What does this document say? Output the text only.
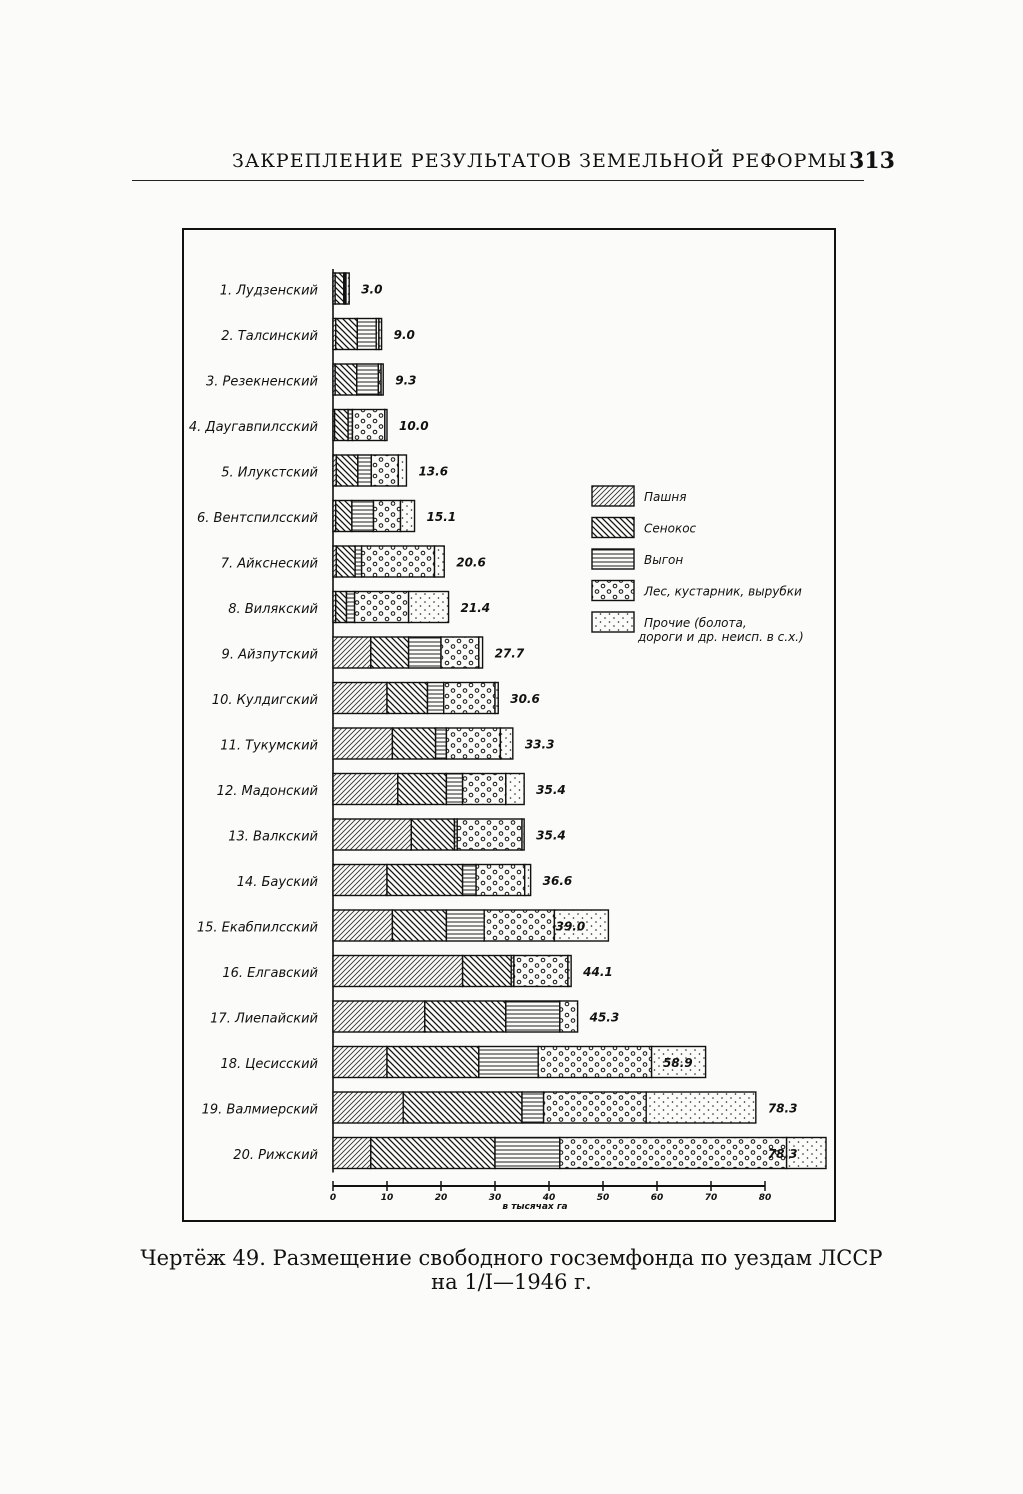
ЗАКРЕПЛЕНИЕ РЕЗУЛЬТАТОВ ЗЕМЕЛЬНОЙ РЕФОРМЫ 313
1. Лудзенский	3.0
2. Талсинский	9.0
3. Резекненский	9.3
4. Даугавпилсский	10.0
5. Илукстский	13.6
6. Вентспилсский	15.1
7. Айкснеский	20.6
8. Вилякский	21.4
9. Айзпутский	27.7
10. Кулдигский	30.6
11. Тукумский	33.3
12. Мадонский	35.4
13. Валкский	35.4
14. Бауский	36.6
15. Екабпилсский	39.0
16. Елгавский	44.1
17. Лиепайский	45.3
18. Цесисский	58.9
19. Валмиерский	78.3
20. Рижский	78.3
0	10	20	30	40	50	60	70	80
в тысячах га
Пашня
Сенокос
Выгон
Лес, кустарник, вырубки
Прочие (болота, дороги и др. неисп. в с.х.)
Чертёж 49. Размещение свободного госземфонда по уездам ЛССР
на 1/I—1946 г.
